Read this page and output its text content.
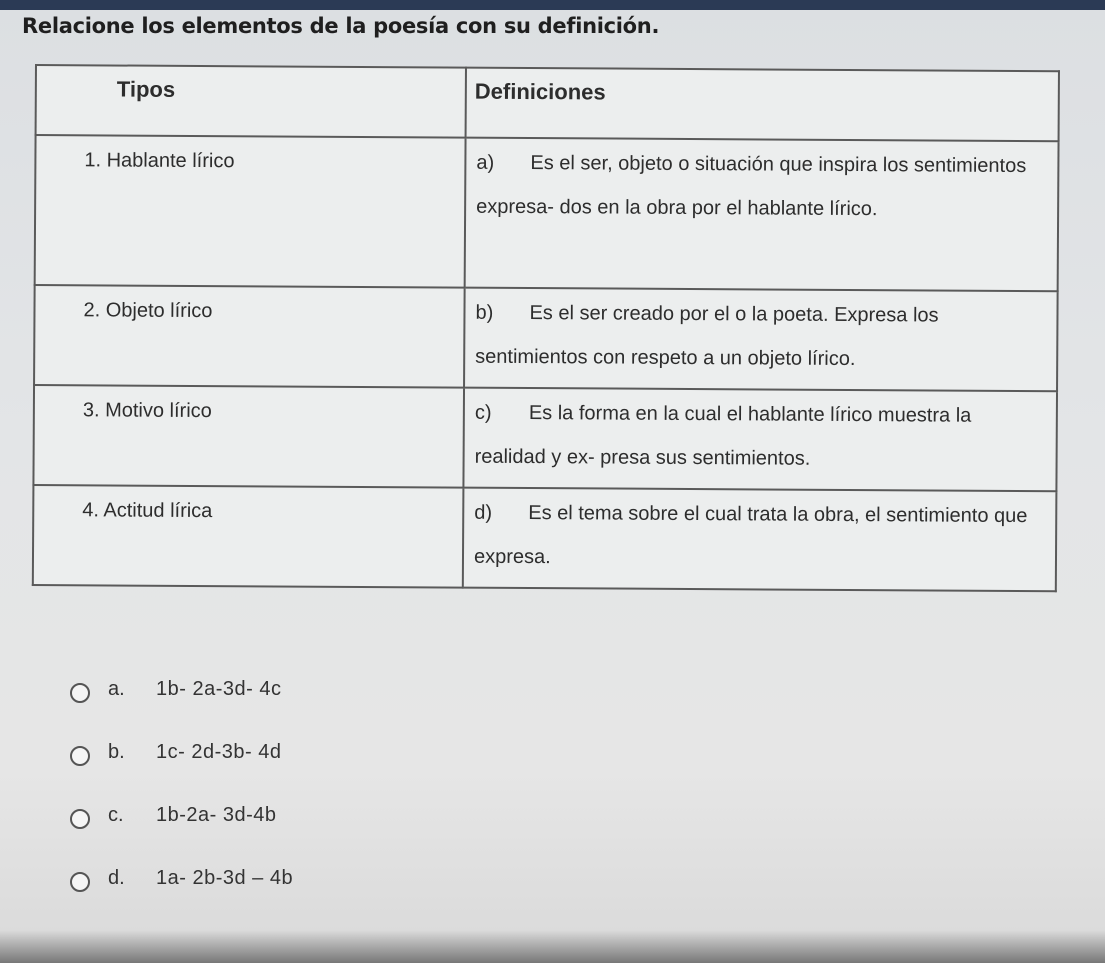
Relacione los elementos de la poesía con su definición.
Tipos	Definiciones
1. Hablante lírico	a) Es el ser, objeto o situación que inspira los sentimientos expresa- dos en la obra por el hablante lírico.
2. Objeto lírico	b) Es el ser creado por el o la poeta. Expresa los sentimientos con respeto a un objeto lírico.
3. Motivo lírico	c) Es la forma en la cual el hablante lírico muestra la realidad y ex- presa sus sentimientos.
4. Actitud lírica	d) Es el tema sobre el cual trata la obra, el sentimiento que expresa.
a.	1b- 2a-3d- 4c
b.	1c- 2d-3b- 4d
c.	1b-2a- 3d-4b
d.	1a- 2b-3d – 4b
